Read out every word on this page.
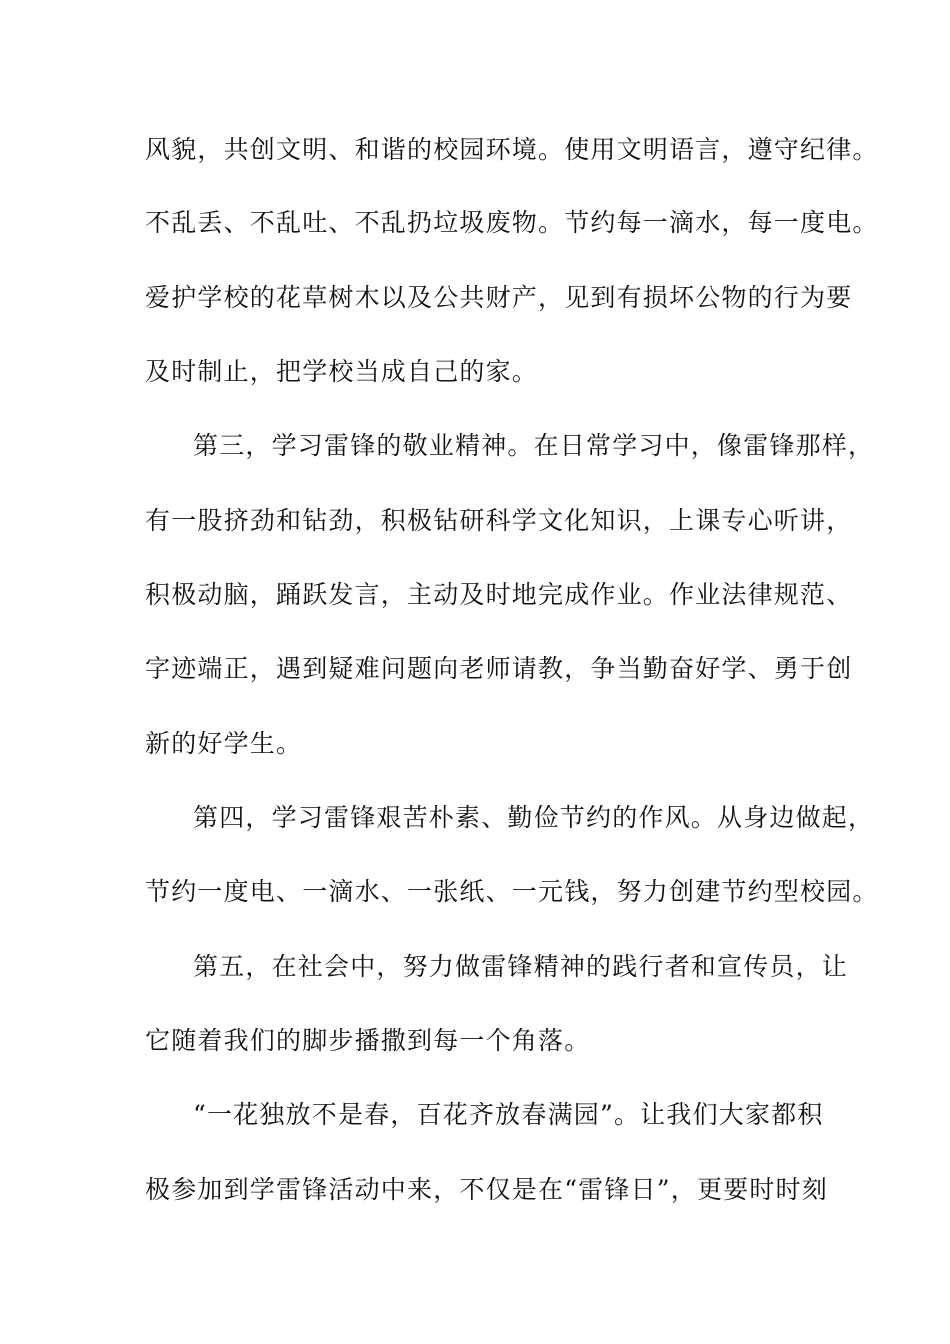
风貌，共创文明、和谐的校园环境。使用文明语言，遵守纪律。
不乱丢、不乱吐、不乱扔垃圾废物。节约每一滴水，每一度电。
爱护学校的花草树木以及公共财产，见到有损坏公物的行为要
及时制止，把学校当成自己的家。
第三，学习雷锋的敬业精神。在日常学习中，像雷锋那样，
有一股挤劲和钻劲，积极钻研科学文化知识，上课专心听讲，
积极动脑，踊跃发言，主动及时地完成作业。作业法律规范、
字迹端正，遇到疑难问题向老师请教，争当勤奋好学、勇于创
新的好学生。
第四，学习雷锋艰苦朴素、勤俭节约的作风。从身边做起，
节约一度电、一滴水、一张纸、一元钱，努力创建节约型校园。
第五，在社会中，努力做雷锋精神的践行者和宣传员，让
它随着我们的脚步播撒到每一个角落。
“一花独放不是春，百花齐放春满园”。让我们大家都积
极参加到学雷锋活动中来，不仅是在“雷锋日”，更要时时刻
